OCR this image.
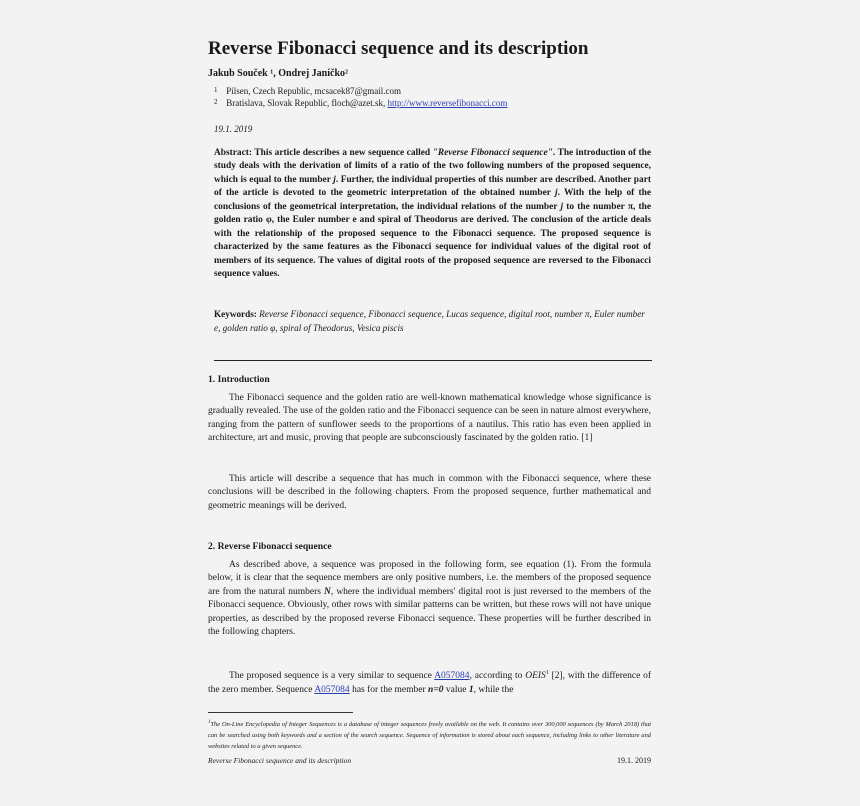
Reverse Fibonacci sequence and its description
Jakub Souček ¹, Ondrej Janíčko²
1 Pilsen, Czech Republic, mcsacek87@gmail.com
2 Bratislava, Slovak Republic, floch@azet.sk, http://www.reversefibonacci.com
19.1. 2019
Abstract: This article describes a new sequence called "Reverse Fibonacci sequence". The introduction of the study deals with the derivation of limits of a ratio of the two following numbers of the proposed sequence, which is equal to the number j. Further, the individual properties of this number are described. Another part of the article is devoted to the geometric interpretation of the obtained number j. With the help of the conclusions of the geometrical interpretation, the individual relations of the number j to the number π, the golden ratio φ, the Euler number e and spiral of Theodorus are derived. The conclusion of the article deals with the relationship of the proposed sequence to the Fibonacci sequence. The proposed sequence is characterized by the same features as the Fibonacci sequence for individual values of the digital root of members of its sequence. The values of digital roots of the proposed sequence are reversed to the Fibonacci sequence values.
Keywords: Reverse Fibonacci sequence, Fibonacci sequence, Lucas sequence, digital root, number π, Euler number e, golden ratio φ, spiral of Theodorus, Vesica piscis
1. Introduction
The Fibonacci sequence and the golden ratio are well-known mathematical knowledge whose significance is gradually revealed. The use of the golden ratio and the Fibonacci sequence can be seen in nature almost everywhere, ranging from the pattern of sunflower seeds to the proportions of a nautilus. This ratio has even been applied in architecture, art and music, proving that people are subconsciously fascinated by the golden ratio. [1]
This article will describe a sequence that has much in common with the Fibonacci sequence, where these conclusions will be described in the following chapters. From the proposed sequence, further mathematical and geometric meanings will be derived.
2. Reverse Fibonacci sequence
As described above, a sequence was proposed in the following form, see equation (1). From the formula below, it is clear that the sequence members are only positive numbers, i.e. the members of the proposed sequence are from the natural numbers N, where the individual members' digital root is just reversed to the members of the Fibonacci sequence. Obviously, other rows with similar patterns can be written, but these rows will not have unique properties, as described by the proposed reverse Fibonacci sequence. These properties will be further described in the following chapters.
The proposed sequence is a very similar to sequence A057084, according to OEIS$^1$ [2], with the difference of the zero member. Sequence A057084 has for the member n=0 value 1, while the
$^1$The On-Line Encyclopedia of Integer Sequences is a database of integer sequences freely available on the web. It contains over 300,000 sequences (by March 2018) that can be searched using both keywords and a section of the search sequence. Sequence of information is stored about each sequence, including links to other literature and websites related to a given sequence.
Reverse Fibonacci sequence and its description	19.1. 2019
